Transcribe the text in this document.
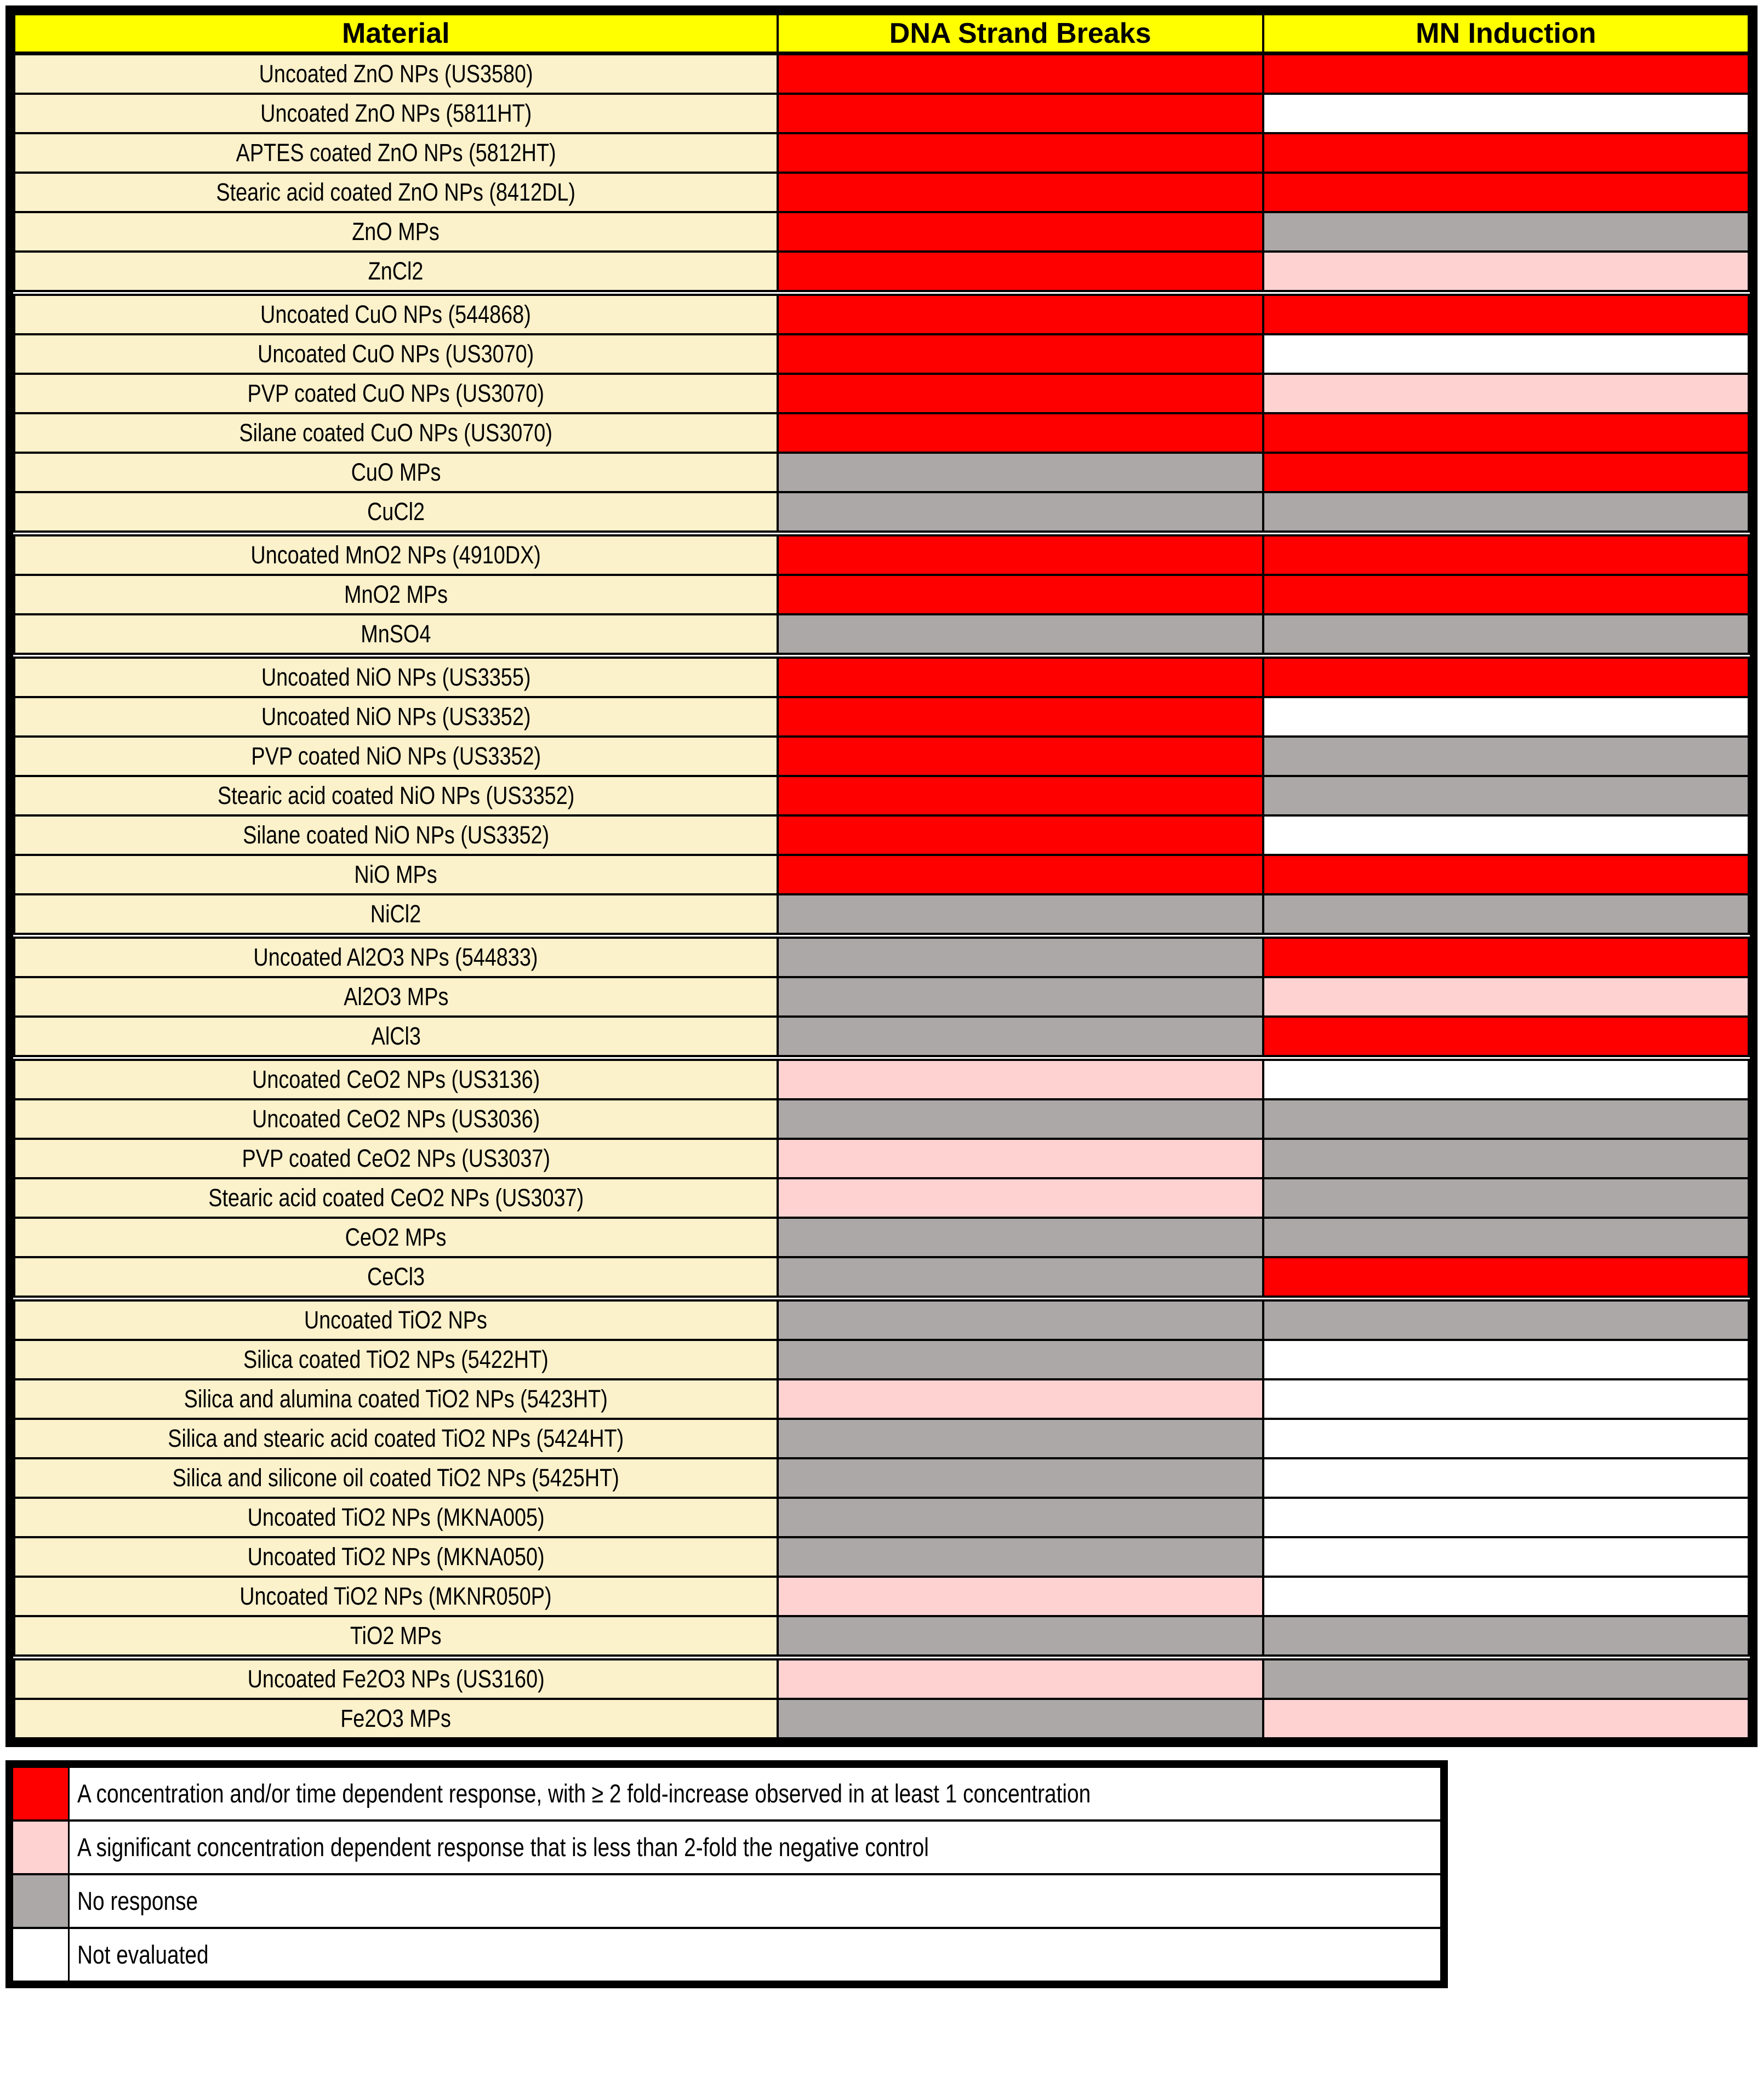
Material	DNA Strand Breaks	MN Induction
Uncoated ZnO NPs (US3580)		
Uncoated ZnO NPs (5811HT)		
APTES coated ZnO NPs (5812HT)		
Stearic acid coated ZnO NPs (8412DL)		
ZnO MPs		
ZnCl2		
Uncoated CuO NPs (544868)		
Uncoated CuO NPs (US3070)		
PVP coated CuO NPs (US3070)		
Silane coated CuO NPs (US3070)		
CuO MPs		
CuCl2		
Uncoated MnO2 NPs (4910DX)		
MnO2 MPs		
MnSO4		
Uncoated NiO NPs (US3355)		
Uncoated NiO NPs (US3352)		
PVP coated NiO NPs (US3352)		
Stearic acid coated NiO NPs (US3352)		
Silane coated NiO NPs (US3352)		
NiO MPs		
NiCl2		
Uncoated Al2O3 NPs (544833)		
Al2O3 MPs		
AlCl3		
Uncoated CeO2 NPs (US3136)		
Uncoated CeO2 NPs (US3036)		
PVP coated CeO2 NPs (US3037)		
Stearic acid coated CeO2 NPs (US3037)		
CeO2 MPs		
CeCl3		
Uncoated TiO2 NPs		
Silica coated TiO2 NPs (5422HT)		
Silica and alumina coated TiO2 NPs (5423HT)		
Silica and stearic acid coated TiO2 NPs (5424HT)		
Silica and silicone oil coated TiO2 NPs (5425HT)		
Uncoated TiO2 NPs (MKNA005)		
Uncoated TiO2 NPs (MKNA050)		
Uncoated TiO2 NPs (MKNR050P)		
TiO2 MPs		
Uncoated Fe2O3 NPs (US3160)		
Fe2O3 MPs		
A concentration and/or time dependent response, with ≥ 2 fold-increase observed in at least 1 concentration
A significant concentration dependent response that is less than 2-fold the negative control
No response
Not evaluated
